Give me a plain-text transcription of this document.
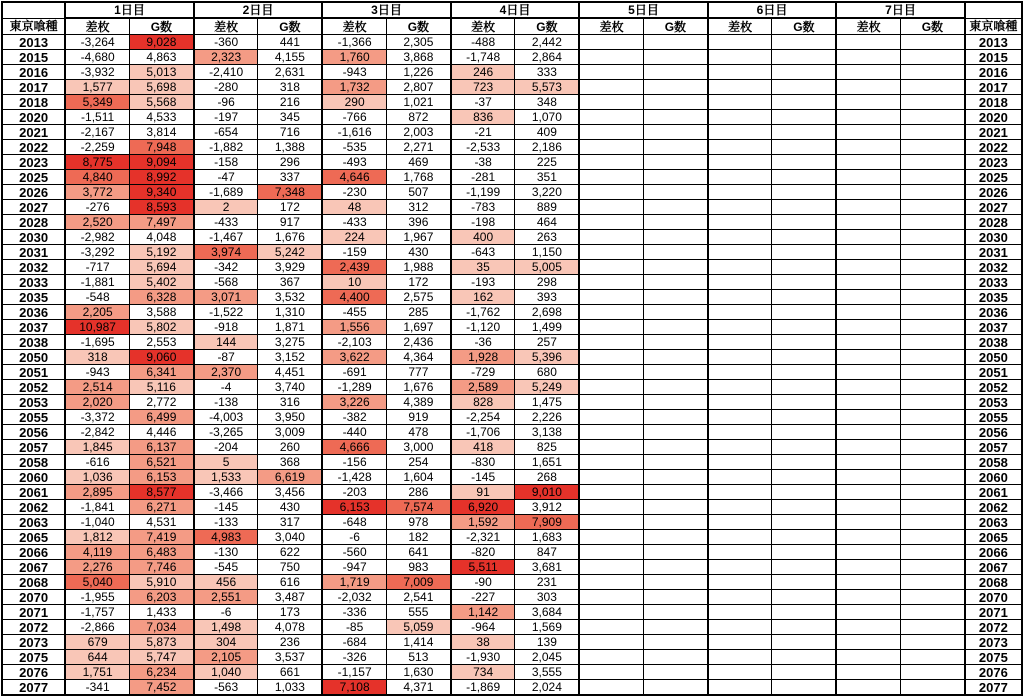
	1日目		2日目		3日目		4日目		5日目		6日目		7日目		
東京喰種	差枚	G数	差枚	G数	差枚	G数	差枚	G数	差枚	G数	差枚	G数	差枚	G数	東京喰種
2013	-3,264	9,028	-360	441	-1,366	2,305	-488	2,442							2013
2015	-4,680	4,863	2,323	4,155	1,760	3,868	-1,748	2,864							2015
2016	-3,932	5,013	-2,410	2,631	-943	1,226	246	333							2016
2017	1,577	5,698	-280	318	1,732	2,807	723	5,573							2017
2018	5,349	5,568	-96	216	290	1,021	-37	348							2018
2020	-1,511	4,533	-197	345	-766	872	836	1,070							2020
2021	-2,167	3,814	-654	716	-1,616	2,003	-21	409							2021
2022	-2,259	7,948	-1,882	1,388	-535	2,271	-2,533	2,186							2022
2023	8,775	9,094	-158	296	-493	469	-38	225							2023
2025	4,840	8,992	-47	337	4,646	1,768	-281	351							2025
2026	3,772	9,340	-1,689	7,348	-230	507	-1,199	3,220							2026
2027	-276	8,593	2	172	48	312	-783	889							2027
2028	2,520	7,497	-433	917	-433	396	-198	464							2028
2030	-2,982	4,048	-1,467	1,676	224	1,967	400	263							2030
2031	-3,292	5,192	3,974	5,242	-159	430	-643	1,150							2031
2032	-717	5,694	-342	3,929	2,439	1,988	35	5,005							2032
2033	-1,881	5,402	-568	367	10	172	-193	298							2033
2035	-548	6,328	3,071	3,532	4,400	2,575	162	393							2035
2036	2,205	3,588	-1,522	1,310	-455	285	-1,762	2,698							2036
2037	10,987	5,802	-918	1,871	1,556	1,697	-1,120	1,499							2037
2038	-1,695	2,553	144	3,275	-2,103	2,436	-36	257							2038
2050	318	9,060	-87	3,152	3,622	4,364	1,928	5,396							2050
2051	-943	6,341	2,370	4,451	-691	777	-729	680							2051
2052	2,514	5,116	-4	3,740	-1,289	1,676	2,589	5,249							2052
2053	2,020	2,772	-138	316	3,226	4,389	828	1,475							2053
2055	-3,372	6,499	-4,003	3,950	-382	919	-2,254	2,226							2055
2056	-2,842	4,446	-3,265	3,009	-440	478	-1,706	3,138							2056
2057	1,845	6,137	-204	260	4,666	3,000	418	825							2057
2058	-616	6,521	5	368	-156	254	-830	1,651							2058
2060	1,036	6,153	1,533	6,619	-1,428	1,604	-145	268							2060
2061	2,895	8,577	-3,466	3,456	-203	286	91	9,010							2061
2062	-1,841	6,271	-145	430	6,153	7,574	6,920	3,912							2062
2063	-1,040	4,531	-133	317	-648	978	1,592	7,909							2063
2065	1,812	7,419	4,983	3,040	-6	182	-2,321	1,683							2065
2066	4,119	6,483	-130	622	-560	641	-820	847							2066
2067	2,276	7,746	-545	750	-947	983	5,511	3,681							2067
2068	5,040	5,910	456	616	1,719	7,009	-90	231							2068
2070	-1,955	6,203	2,551	3,487	-2,032	2,541	-227	303							2070
2071	-1,757	1,433	-6	173	-336	555	1,142	3,684							2071
2072	-2,866	7,034	1,498	4,078	-85	5,059	-964	1,569							2072
2073	679	5,873	304	236	-684	1,414	38	139							2073
2075	644	5,747	2,105	3,537	-326	513	-1,930	2,045							2075
2076	1,751	6,234	1,040	661	-1,157	1,630	734	3,555							2076
2077	-341	7,452	-563	1,033	7,108	4,371	-1,869	2,024							2077
